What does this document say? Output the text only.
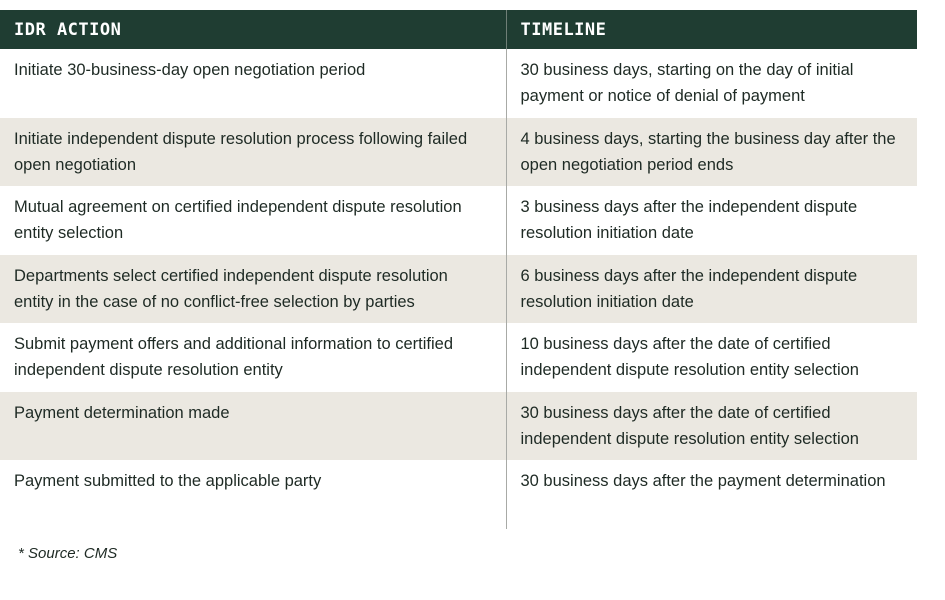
IDR ACTION	TIMELINE
Initiate 30-business-day open negotiation period	30 business days, starting on the day of initial payment or notice of denial of payment
Initiate independent dispute resolution process following failed open negotiation	4 business days, starting the business day after the open negotiation period ends
Mutual agreement on certified independent dispute resolution entity selection	3 business days after the independent dispute resolution initiation date
Departments select certified independent dispute resolution entity in the case of no conflict-free selection by parties	6 business days after the independent dispute resolution initiation date
Submit payment offers and additional information to certified independent dispute resolution entity	10 business days after the date of certified independent dispute resolution entity selection
Payment determination made	30 business days after the date of certified independent dispute resolution entity selection
Payment submitted to the applicable party	30 business days after the payment determination
* Source: CMS
